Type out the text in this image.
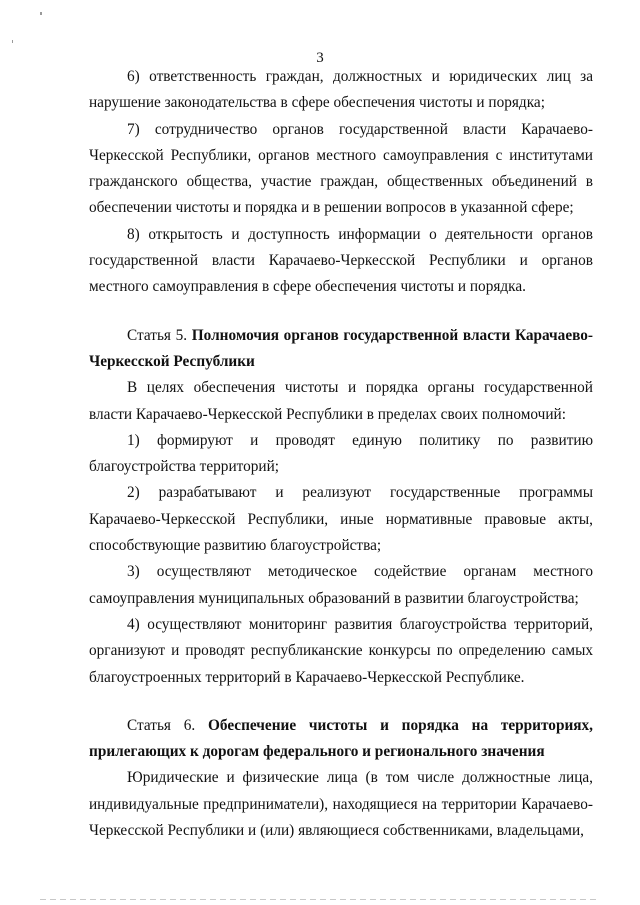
3

6) ответственность граждан, должностных и юридических лиц за нарушение законодательства в сфере обеспечения чистоты и порядка;

7) сотрудничество органов государственной власти Карачаево-Черкесской Республики, органов местного самоуправления с институтами гражданского общества, участие граждан, общественных объединений в обеспечении чистоты и порядка и в решении вопросов в указанной сфере;

8) открытость и доступность информации о деятельности органов государственной власти Карачаево-Черкесской Республики и органов местного самоуправления в сфере обеспечения чистоты и порядка.

Статья 5. Полномочия органов государственной власти Карачаево-Черкесской Республики

В целях обеспечения чистоты и порядка органы государственной власти Карачаево-Черкесской Республики в пределах своих полномочий:

1) формируют и проводят единую политику по развитию благоустройства территорий;

2) разрабатывают и реализуют государственные программы Карачаево-Черкесской Республики, иные нормативные правовые акты, способствующие развитию благоустройства;

3) осуществляют методическое содействие органам местного самоуправления муниципальных образований в развитии благоустройства;

4) осуществляют мониторинг развития благоустройства территорий, организуют и проводят республиканские конкурсы по определению самых благоустроенных территорий в Карачаево-Черкесской Республике.

Статья 6. Обеспечение чистоты и порядка на территориях, прилегающих к дорогам федерального и регионального значения

Юридические и физические лица (в том числе должностные лица, индивидуальные предприниматели), находящиеся на территории Карачаево-Черкесской Республики и (или) являющиеся собственниками, владельцами,
